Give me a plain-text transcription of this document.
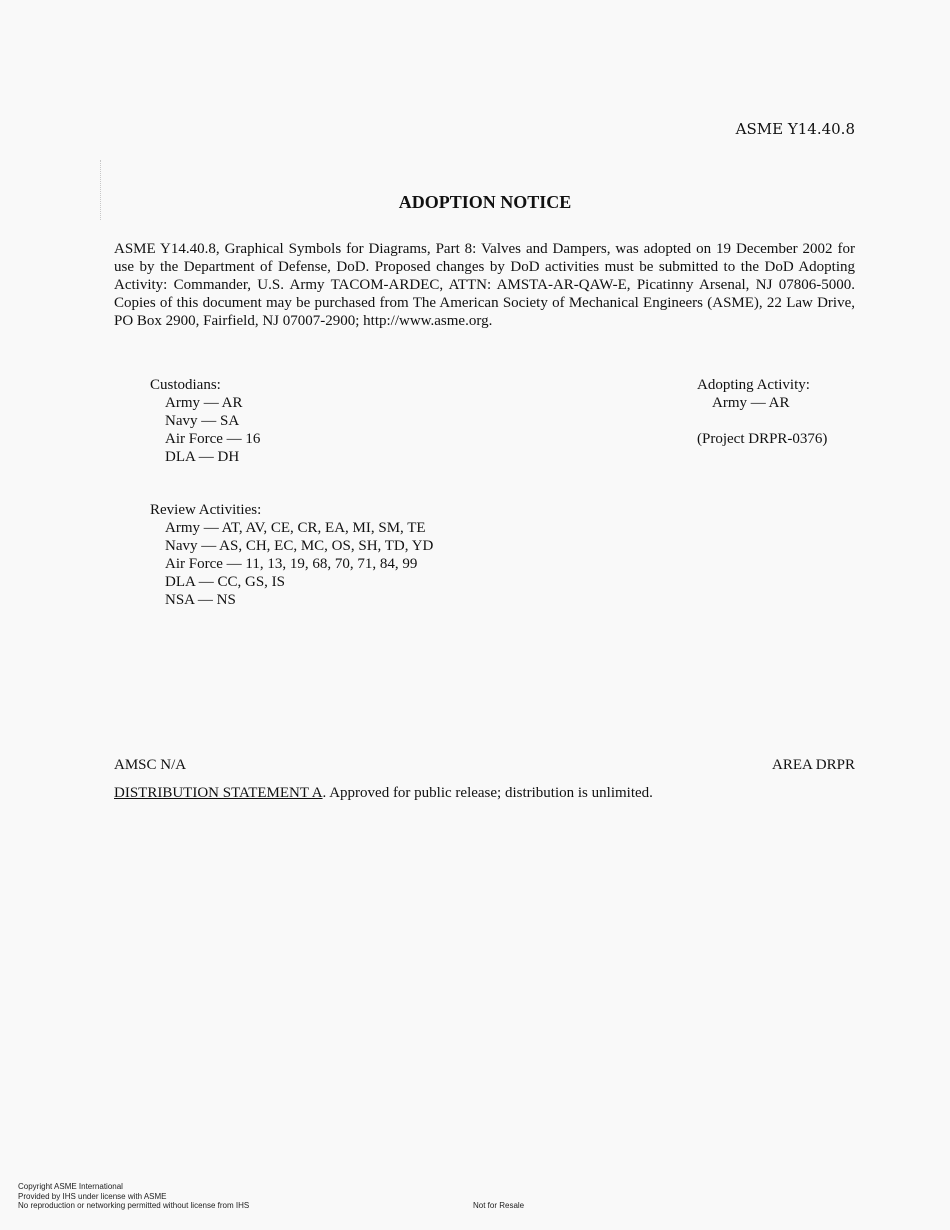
ASME Y14.40.8
ADOPTION NOTICE

ASME Y14.40.8, Graphical Symbols for Diagrams, Part 8: Valves and Dampers, was adopted on 19 December 2002 for use by the Department of Defense, DoD. Proposed changes by DoD activities must be submitted to the DoD Adopting Activity: Commander, U.S. Army TACOM-ARDEC, ATTN: AMSTA-AR-QAW-E, Picatinny Arsenal, NJ 07806-5000. Copies of this document may be purchased from The American Society of Mechanical Engineers (ASME), 22 Law Drive, PO Box 2900, Fairfield, NJ 07007-2900; http://www.asme.org.

Custodians:
Army — AR
Navy — SA
Air Force — 16
DLA — DH
Adopting Activity:
Army — AR
(Project DRPR-0376)
Review Activities:
Army — AT, AV, CE, CR, EA, MI, SM, TE
Navy — AS, CH, EC, MC, OS, SH, TD, YD
Air Force — 11, 13, 19, 68, 70, 71, 84, 99
DLA — CC, GS, IS
NSA — NS
AMSC N/A	AREA DRPR
DISTRIBUTION STATEMENT A. Approved for public release; distribution is unlimited.
Copyright ASME International
Provided by IHS under license with ASME
No reproduction or networking permitted without license from IHS	Not for Resale
